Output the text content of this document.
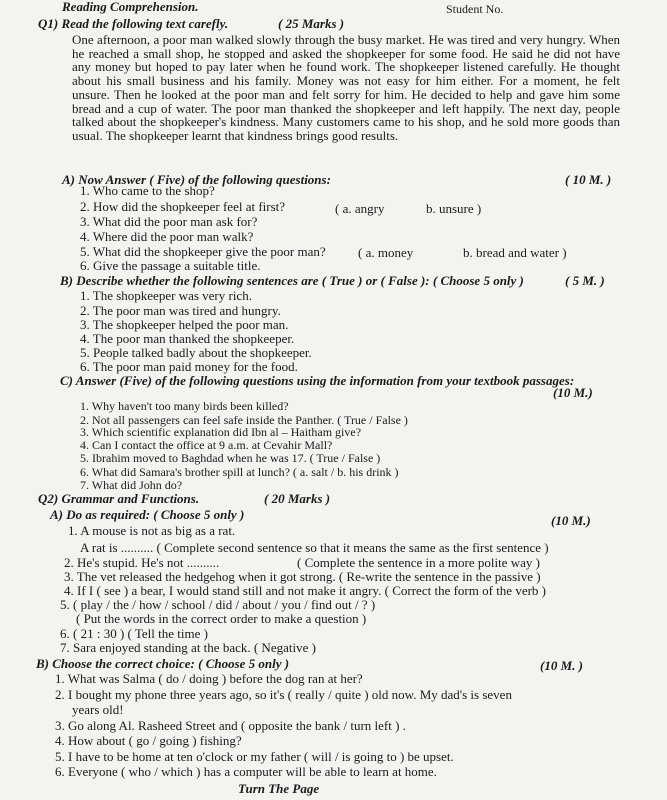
Reading Comprehension.	Student No.
Q1) Read the following text carefly.	( 25 Marks )
One afternoon, a poor man walked slowly through the busy market. He was tired and very hungry. When he reached a small shop, he stopped and asked the shopkeeper for some food. He said he did not have any money but hoped to pay later when he found work. The shopkeeper listened carefully. He thought about his small business and his family. Money was not easy for him either. For a moment, he felt unsure. Then he looked at the poor man and felt sorry for him. He decided to help and gave him some bread and a cup of water. The poor man thanked the shopkeeper and left happily. The next day, people talked about the shopkeeper's kindness. Many customers came to his shop, and he sold more goods than usual. The shopkeeper learnt that kindness brings good results.
A) Now Answer ( Five) of the following questions:	( 10 M. )
1. Who came to the shop?
2. How did the shopkeeper feel at first?	( a. angry	b. unsure )
3. What did the poor man ask for?
4. Where did the poor man walk?
5. What did the shopkeeper give the poor man? ( a. money	b. bread and water )
6. Give the passage a suitable title.
B) Describe whether the following sentences are ( True ) or ( False ): ( Choose 5 only )	( 5 M. )
1. The shopkeeper was very rich.
2. The poor man was tired and hungry.
3. The shopkeeper helped the poor man.
4. The poor man thanked the shopkeeper.
5. People talked badly about the shopkeeper.
6. The poor man paid money for the food.
C) Answer (Five) of the following questions using the information from your textbook passages:
(10 M.)
1. Why haven't too many birds been killed?
2. Not all passengers can feel safe inside the Panther. ( True / False )
3. Which scientific explanation did Ibn al – Haitham give?
4. Can I contact the office at 9 a.m. at Cevahir Mall?
5. Ibrahim moved to Baghdad when he was 17. ( True / False )
6. What did Samara's brother spill at lunch? ( a. salt / b. his drink )
7. What did John do?
Q2) Grammar and Functions.	( 20 Marks )
A) Do as required: ( Choose 5 only )	(10 M.)
1. A mouse is not as big as a rat.
A rat is .......... ( Complete second sentence so that it means the same as the first sentence )
2. He's stupid. He's not ..........	( Complete the sentence in a more polite way )
3. The vet released the hedgehog when it got strong. ( Re-write the sentence in the passive )
4. If I ( see ) a bear, I would stand still and not make it angry. ( Correct the form of the verb )
5. ( play / the / how / school / did / about / you / find out / ? )
( Put the words in the correct order to make a question )
6. ( 21 : 30 ) ( Tell the time )
7. Sara enjoyed standing at the back. ( Negative )
B) Choose the correct choice: ( Choose 5 only )	(10 M. )
1. What was Salma ( do / doing ) before the dog ran at her?
2. I bought my phone three years ago, so it's ( really / quite ) old now. My dad's is seven
years old!
3. Go along Al. Rasheed Street and ( opposite the bank / turn left ) .
4. How about ( go / going ) fishing?
5. I have to be home at ten o'clock or my father ( will / is going to ) be upset.
6. Everyone ( who / which ) has a computer will be able to learn at home.
Turn The Page
